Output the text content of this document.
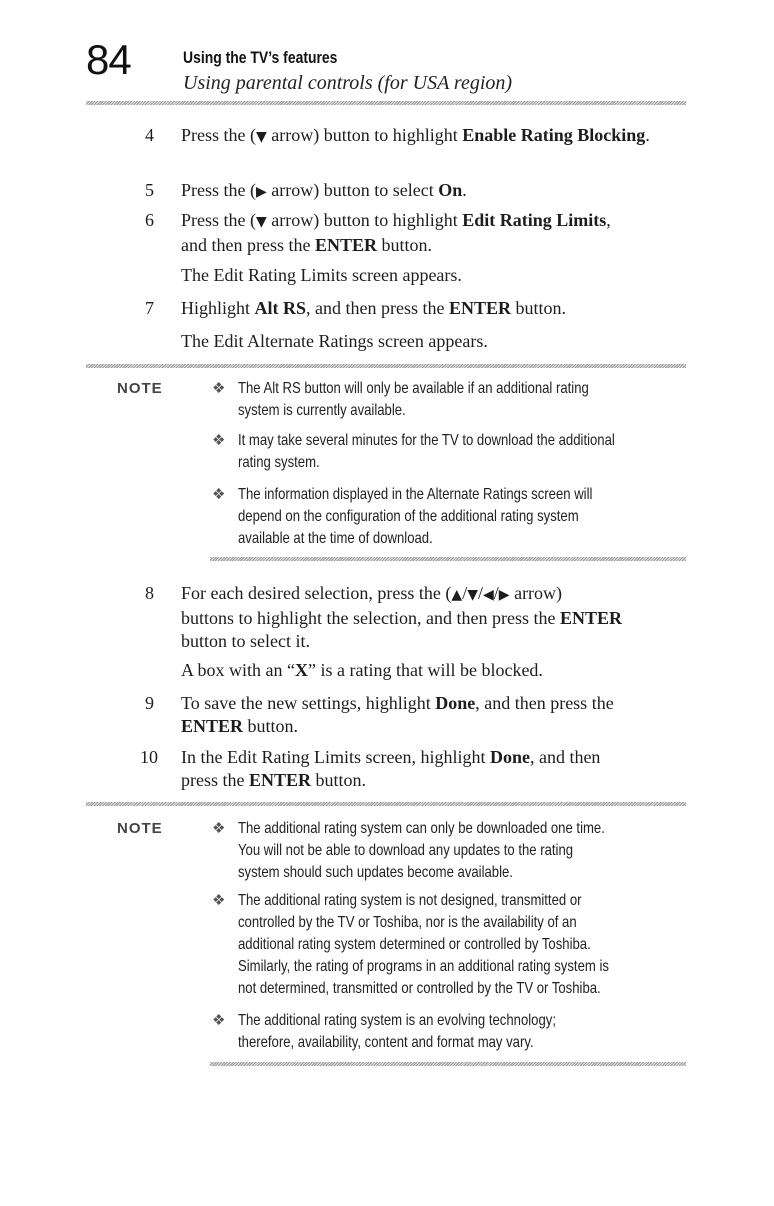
84	Using the TV’s features
Using parental controls (for USA region)
4 Press the (▼ arrow) button to highlight Enable Rating Blocking.
5 Press the (▶ arrow) button to select On.
6 Press the (▼ arrow) button to highlight Edit Rating Limits,
and then press the ENTER button.
The Edit Rating Limits screen appears.
7 Highlight Alt RS, and then press the ENTER button.
The Edit Alternate Ratings screen appears.
NOTE	❖ The Alt RS button will only be available if an additional rating
system is currently available.
❖ It may take several minutes for the TV to download the additional
rating system.
❖ The information displayed in the Alternate Ratings screen will
depend on the configuration of the additional rating system
available at the time of download.
8 For each desired selection, press the (▲/▼/◀/▶ arrow)
buttons to highlight the selection, and then press the ENTER
button to select it.
A box with an “X” is a rating that will be blocked.
9 To save the new settings, highlight Done, and then press the
ENTER button.
10 In the Edit Rating Limits screen, highlight Done, and then
press the ENTER button.
NOTE	❖ The additional rating system can only be downloaded one time.
You will not be able to download any updates to the rating
system should such updates become available.
❖ The additional rating system is not designed, transmitted or
controlled by the TV or Toshiba, nor is the availability of an
additional rating system determined or controlled by Toshiba.
Similarly, the rating of programs in an additional rating system is
not determined, transmitted or controlled by the TV or Toshiba.
❖ The additional rating system is an evolving technology;
therefore, availability, content and format may vary.
